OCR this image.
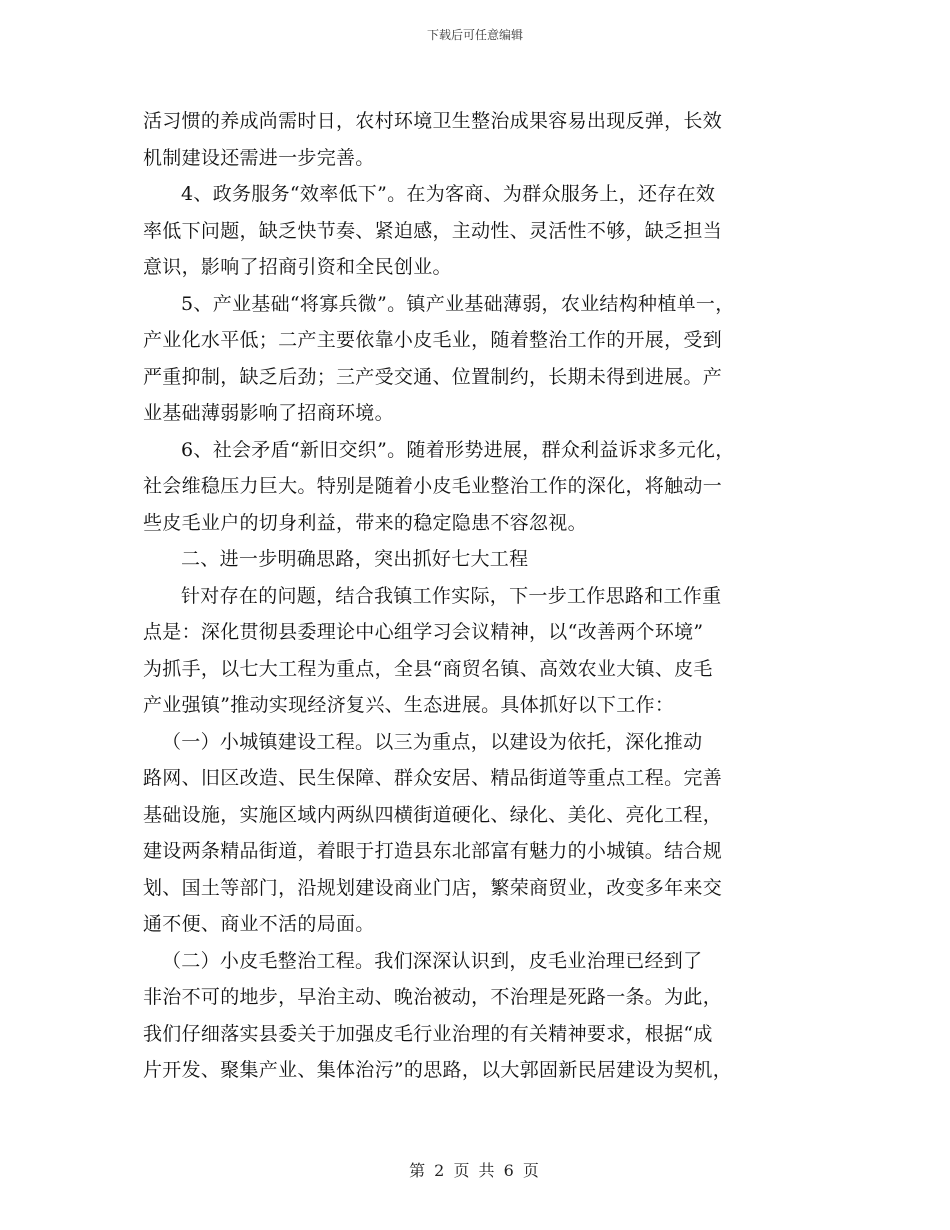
下载后可任意编辑
活习惯的养成尚需时日，农村环境卫生整治成果容易出现反弹，长效
机制建设还需进一步完善。
4、政务服务“效率低下”。在为客商、为群众服务上，还存在效
率低下问题，缺乏快节奏、紧迫感，主动性、灵活性不够，缺乏担当
意识，影响了招商引资和全民创业。
5、产业基础“将寡兵微”。镇产业基础薄弱，农业结构种植单一，
产业化水平低；二产主要依靠小皮毛业，随着整治工作的开展，受到
严重抑制，缺乏后劲；三产受交通、位置制约，长期未得到进展。产
业基础薄弱影响了招商环境。
6、社会矛盾“新旧交织”。随着形势进展，群众利益诉求多元化，
社会维稳压力巨大。特别是随着小皮毛业整治工作的深化，将触动一
些皮毛业户的切身利益，带来的稳定隐患不容忽视。
二、进一步明确思路，突出抓好七大工程
针对存在的问题，结合我镇工作实际，下一步工作思路和工作重
点是：深化贯彻县委理论中心组学习会议精神，以“改善两个环境”
为抓手，以七大工程为重点，全县“商贸名镇、高效农业大镇、皮毛
产业强镇”推动实现经济复兴、生态进展。具体抓好以下工作：
（一）小城镇建设工程。以三为重点，以建设为依托，深化推动
路网、旧区改造、民生保障、群众安居、精品街道等重点工程。完善
基础设施，实施区域内两纵四横街道硬化、绿化、美化、亮化工程，
建设两条精品街道，着眼于打造县东北部富有魅力的小城镇。结合规
划、国土等部门，沿规划建设商业门店，繁荣商贸业，改变多年来交
通不便、商业不活的局面。
（二）小皮毛整治工程。我们深深认识到，皮毛业治理已经到了
非治不可的地步，早治主动、晚治被动，不治理是死路一条。为此，
我们仔细落实县委关于加强皮毛行业治理的有关精神要求，根据“成
片开发、聚集产业、集体治污”的思路，以大郭固新民居建设为契机，
第 2 页 共 6 页
